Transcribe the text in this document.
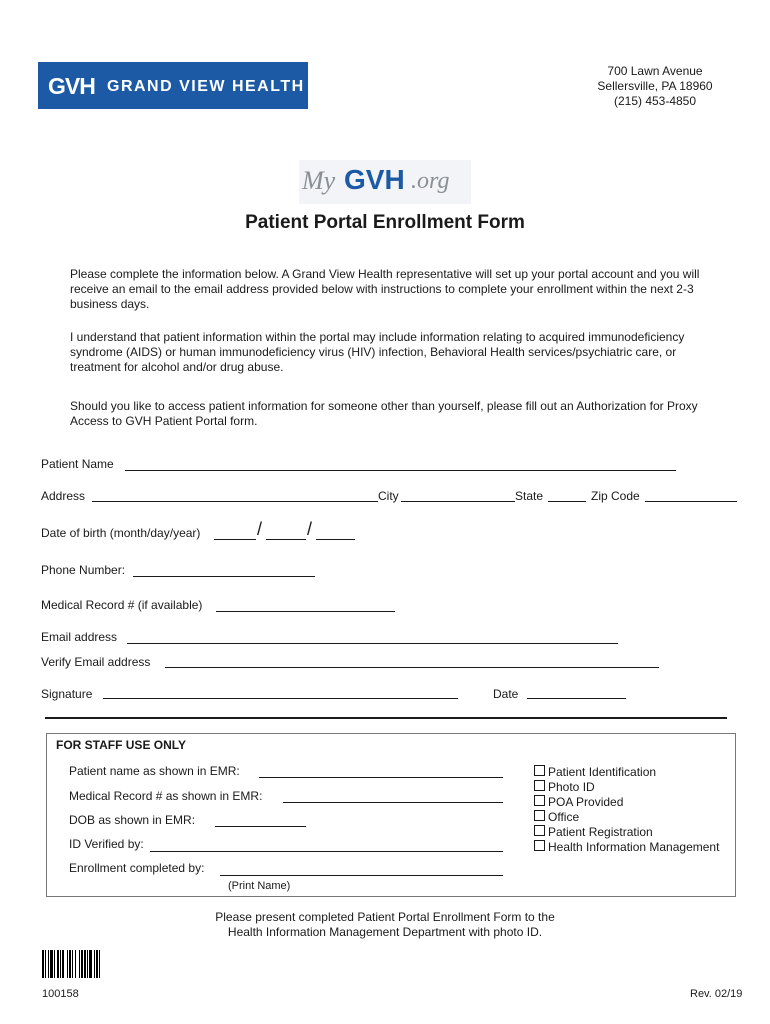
GVH GRAND VIEW HEALTH
700 Lawn Avenue
Sellersville, PA 18960
(215) 453-4850
My GVH .org
Patient Portal Enrollment Form
Please complete the information below. A Grand View Health representative will set up your portal account and you will receive an email to the email address provided below with instructions to complete your enrollment within the next 2-3 business days.
I understand that patient information within the portal may include information relating to acquired immunodeficiency syndrome (AIDS) or human immunodeficiency virus (HIV) infection, Behavioral Health services/psychiatric care, or treatment for alcohol and/or drug abuse.
Should you like to access patient information for someone other than yourself, please fill out an Authorization for Proxy Access to GVH Patient Portal form.
Patient Name
Address	City	State	Zip Code
Date of birth (month/day/year)	/ /
Phone Number:
Medical Record # (if available)
Email address
Verify Email address
Signature	Date
FOR STAFF USE ONLY
Patient name as shown in EMR:
Medical Record # as shown in EMR:
DOB as shown in EMR:
ID Verified by:
Enrollment completed by:
(Print Name)
Patient Identification
Photo ID
POA Provided
Office
Patient Registration
Health Information Management
Please present completed Patient Portal Enrollment Form to the
Health Information Management Department with photo ID.
100158	Rev. 02/19
